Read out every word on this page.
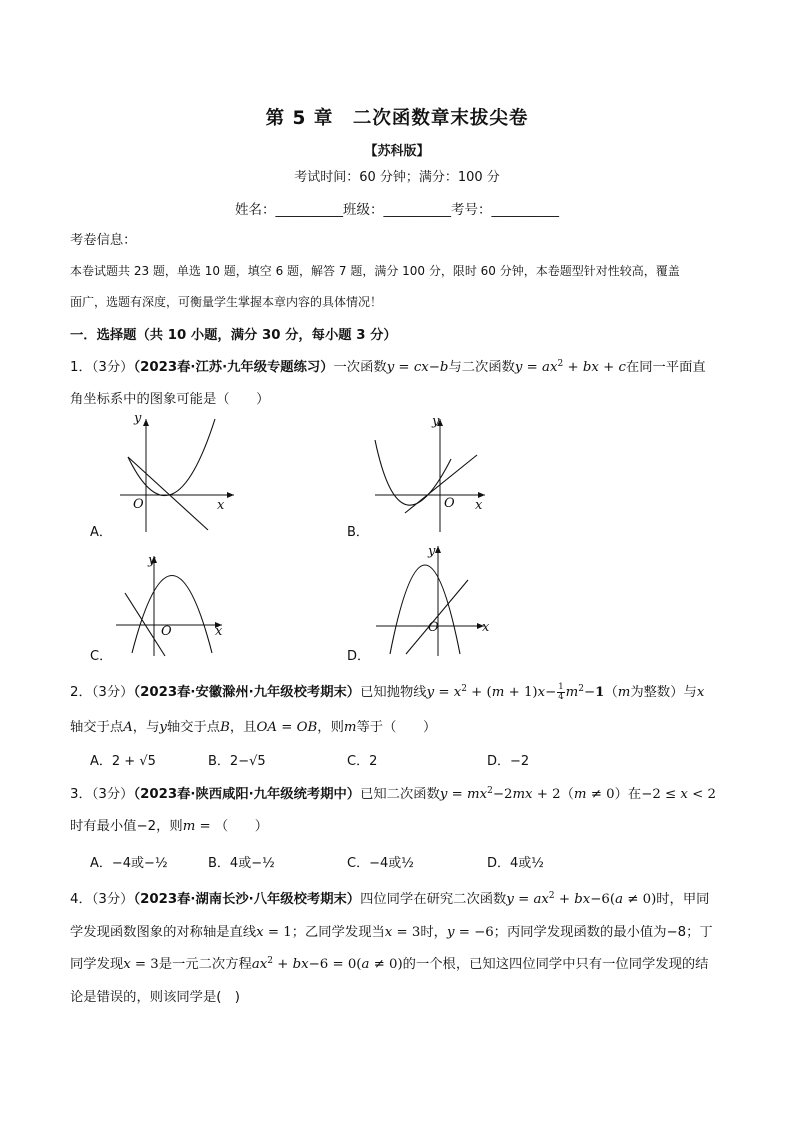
第 5 章　二次函数章末拔尖卷
【苏科版】
考试时间：60 分钟；满分：100 分
姓名：__________班级：__________考号：__________
考卷信息：
本卷试题共 23 题，单选 10 题，填空 6 题，解答 7 题，满分 100 分，限时 60 分钟，本卷题型针对性较高，覆盖
面广，选题有深度，可衡量学生掌握本章内容的具体情况！
一．选择题（共 10 小题，满分 30 分，每小题 3 分）
1．（3分）（2023春·江苏·九年级专题练习）一次函数y = cx−b与二次函数$y = ax^2$ + bx + c在同一平面直
角坐标系中的图象可能是（　　）
y
x
O
A．
y
x
O
B．
y
x
O
C．
y
x
O
D．
2．（3分）（2023春·安徽滁州·九年级校考期末）已知抛物线$y = x^2 + (m + 1)x- \frac{1}{4} m^2-1(m$为整数）与x
轴交于点A，与y轴交于点B，且OA = OB，则m等于（　　）
A．2 + √5	B．2−√5	C．2	D．−2
3．（3分）（2023春·陕西咸阳·九年级统考期中）已知二次函数$y = mx^2-2mx + 2(m \ne 0)$在−2 ≤ x < 2
时有最小值−2，则m = （　　）
A．−4或−½	B．4或−½	C．−4或½	D．4或½
4．（3分）（2023春·湖南长沙·八年级校考期末）四位同学在研究二次函数$y = ax^2 + bx-6(a \ne 0)$时，甲同
学发现函数图象的对称轴是直线x = 1；乙同学发现当x = 3时，y = −6；丙同学发现函数的最小值为−8；丁
同学发现x = 3是一元二次方程$ax^2 + bx-6 = 0(a \ne 0)$的一个根，已知这四位同学中只有一位同学发现的结
论是错误的，则该同学是(　)
